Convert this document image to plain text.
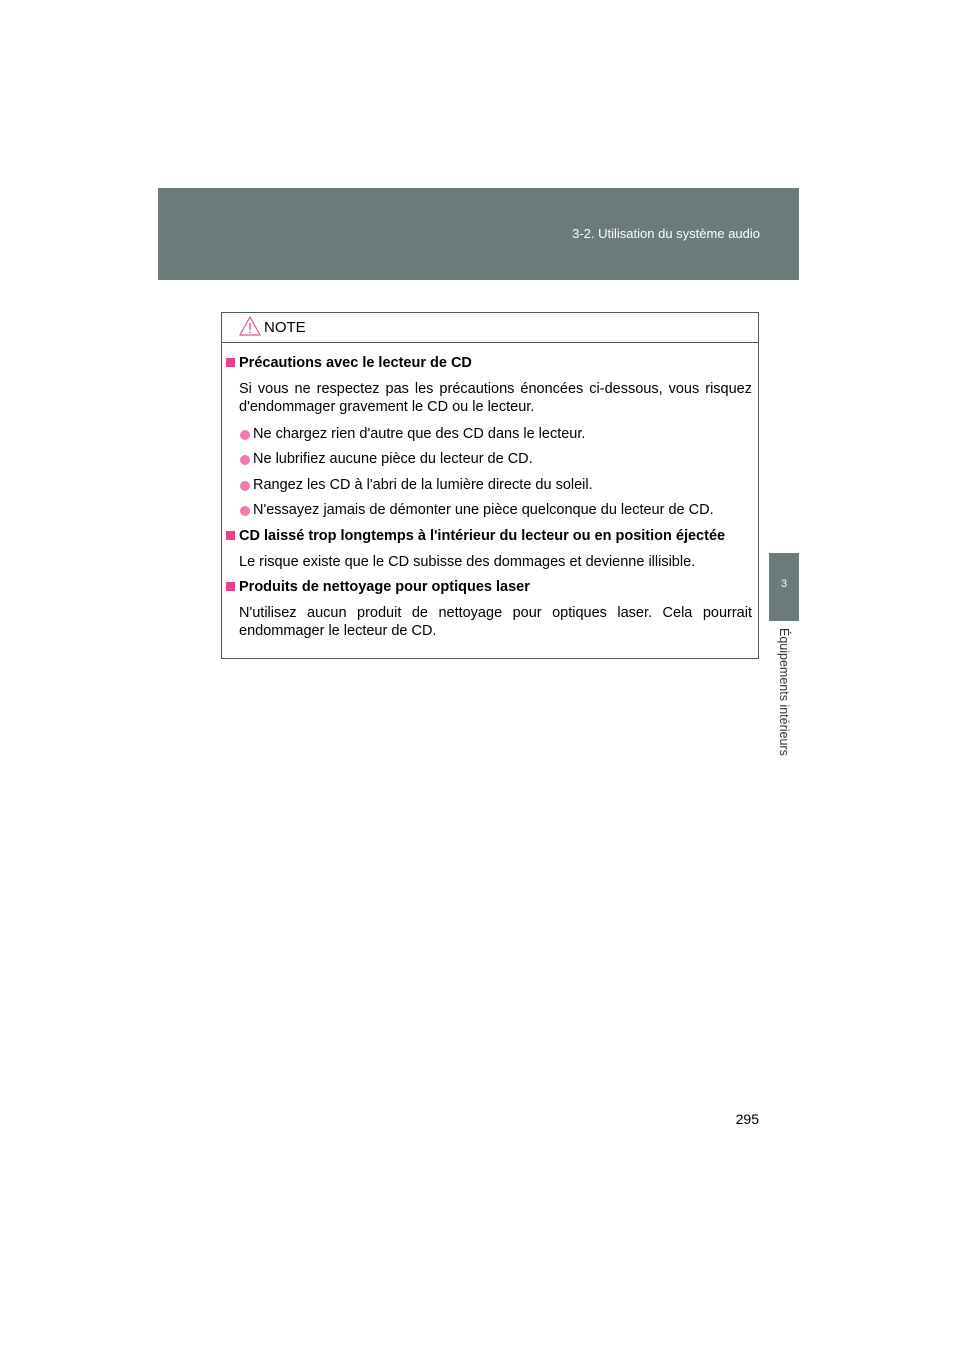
3-2. Utilisation du système audio
3
Équipements intérieurs
NOTE
Précautions avec le lecteur de CD
Si vous ne respectez pas les précautions énoncées ci-dessous, vous risquez d'endommager gravement le CD ou le lecteur.
Ne chargez rien d'autre que des CD dans le lecteur.
Ne lubrifiez aucune pièce du lecteur de CD.
Rangez les CD à l'abri de la lumière directe du soleil.
N'essayez jamais de démonter une pièce quelconque du lecteur de CD.
CD laissé trop longtemps à l'intérieur du lecteur ou en position éjectée
Le risque existe que le CD subisse des dommages et devienne illisible.
Produits de nettoyage pour optiques laser
N'utilisez aucun produit de nettoyage pour optiques laser. Cela pourrait endommager le lecteur de CD.
295
